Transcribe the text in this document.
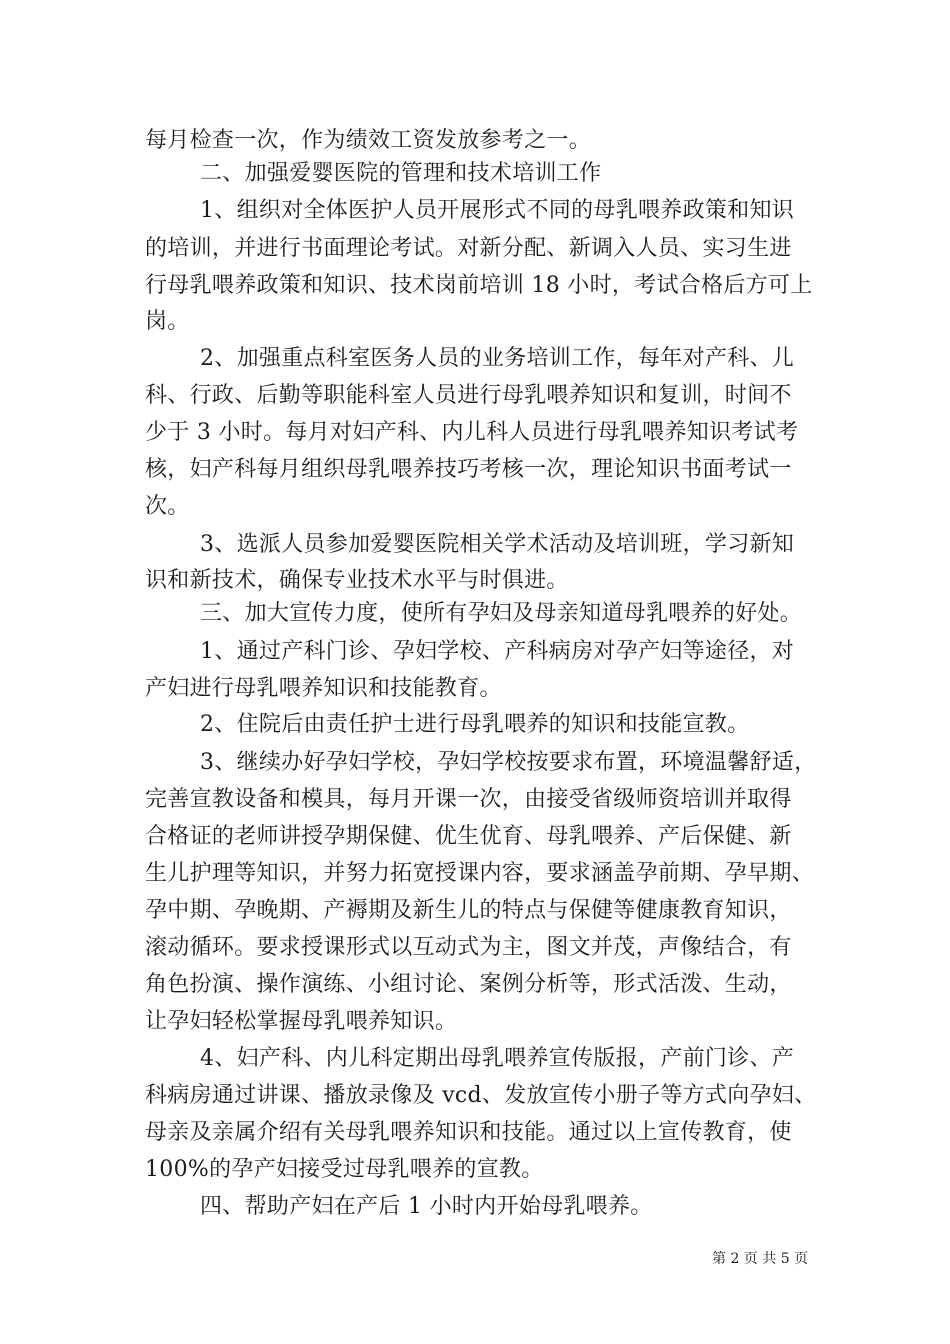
每月检查一次，作为绩效工资发放参考之一。
二、加强爱婴医院的管理和技术培训工作
1、组织对全体医护人员开展形式不同的母乳喂养政策和知识
的培训，并进行书面理论考试。对新分配、新调入人员、实习生进
行母乳喂养政策和知识、技术岗前培训 18 小时，考试合格后方可上
岗。
2、加强重点科室医务人员的业务培训工作，每年对产科、儿
科、行政、后勤等职能科室人员进行母乳喂养知识和复训，时间不
少于 3 小时。每月对妇产科、内儿科人员进行母乳喂养知识考试考
核，妇产科每月组织母乳喂养技巧考核一次，理论知识书面考试一
次。
3、选派人员参加爱婴医院相关学术活动及培训班，学习新知
识和新技术，确保专业技术水平与时俱进。
三、加大宣传力度，使所有孕妇及母亲知道母乳喂养的好处。
1、通过产科门诊、孕妇学校、产科病房对孕产妇等途径，对
产妇进行母乳喂养知识和技能教育。
2、住院后由责任护士进行母乳喂养的知识和技能宣教。
3、继续办好孕妇学校，孕妇学校按要求布置，环境温馨舒适，
完善宣教设备和模具，每月开课一次，由接受省级师资培训并取得
合格证的老师讲授孕期保健、优生优育、母乳喂养、产后保健、新
生儿护理等知识，并努力拓宽授课内容，要求涵盖孕前期、孕早期、
孕中期、孕晚期、产褥期及新生儿的特点与保健等健康教育知识，
滚动循环。要求授课形式以互动式为主，图文并茂，声像结合，有
角色扮演、操作演练、小组讨论、案例分析等，形式活泼、生动，
让孕妇轻松掌握母乳喂养知识。
4、妇产科、内儿科定期出母乳喂养宣传版报，产前门诊、产
科病房通过讲课、播放录像及 vcd、发放宣传小册子等方式向孕妇、
母亲及亲属介绍有关母乳喂养知识和技能。通过以上宣传教育，使
100%的孕产妇接受过母乳喂养的宣教。
四、帮助产妇在产后 1 小时内开始母乳喂养。
第 2 页 共 5 页
